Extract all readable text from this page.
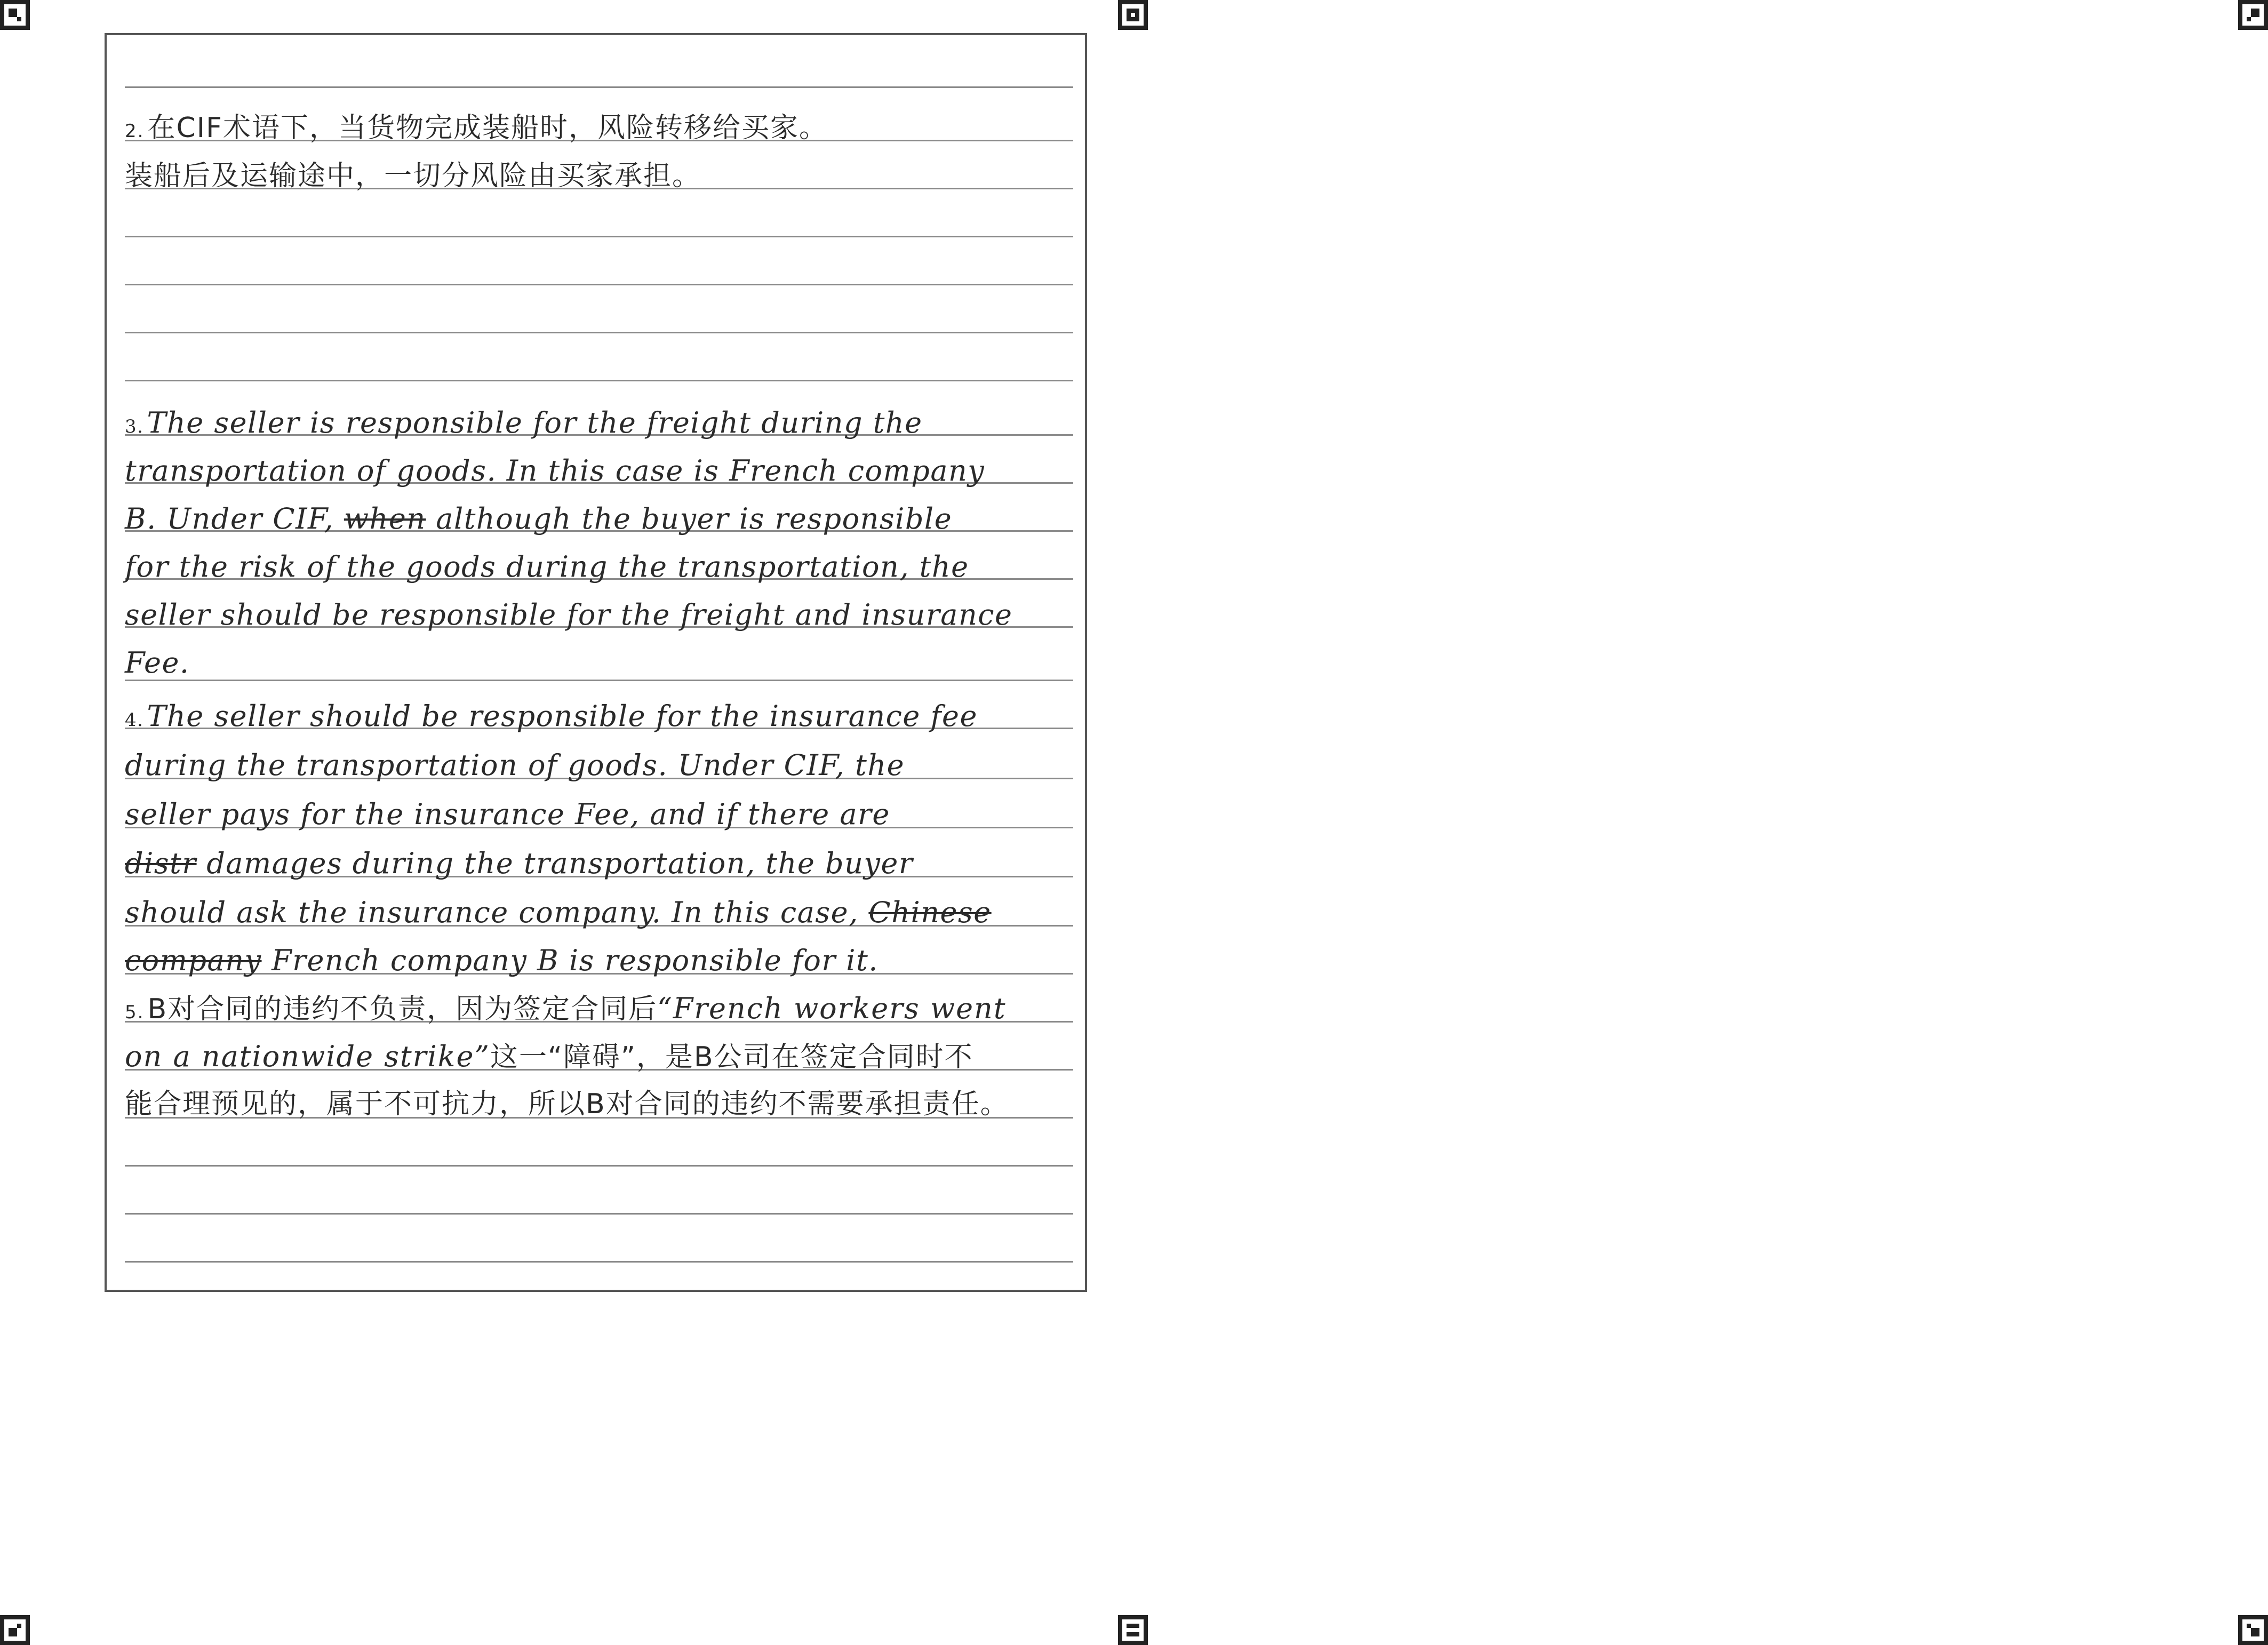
2. 在CIF术语下，当货物完成装船时，风险转移给买家。
装船后及运输途中，一切分风险由买家承担。
3. The seller is responsible for the freight during the
transportation of goods. In this case is French company
B. Under CIF, when although the buyer is responsible
for the risk of the goods during the transportation, the
seller should be responsible for the freight and insurance
Fee.
4. The seller should be responsible for the insurance fee
during the transportation of goods. Under CIF, the
seller pays for the insurance Fee, and if there are
distr damages during the transportation, the buyer
should ask the insurance company. In this case, Chinese
company French company B is responsible for it.
5. B对合同的违约不负责，因为签定合同后“French workers went
on a nationwide strike”这一“障碍”，是B公司在签定合同时不
能合理预见的，属于不可抗力，所以B对合同的违约不需要承担责任。
